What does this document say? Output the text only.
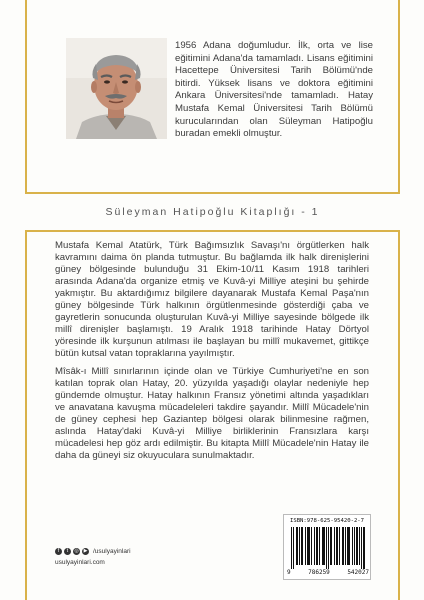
1956 Adana doğumludur. İlk, orta ve lise eğitimini Adana'da tamamladı. Lisans eğitimini Hacettepe Üniversitesi Tarih Bölümü'nde bitirdi. Yüksek lisans ve doktora eğitimini Ankara Üniversitesi'nde tamamladı. Hatay Mustafa Kemal Üniversitesi Tarih Bölümü kurucularından olan Süleyman Hatipoğlu buradan emekli olmuştur.

Süleyman Hatipoğlu Kitaplığı - 1

Mustafa Kemal Atatürk, Türk Bağımsızlık Savaşı'nı örgütlerken halk kavramını daima ön planda tutmuştur. Bu bağlamda ilk halk direnişlerini güney bölgesinde bulunduğu 31 Ekim-10/11 Kasım 1918 tarihleri arasında Adana'da organize etmiş ve Kuvâ-yi Milliye ateşini bu şehirde yakmıştır. Bu aktardığımız bilgilere dayanarak Mustafa Kemal Paşa'nın güney bölgesinde Türk halkının örgütlenmesinde gösterdiği çaba ve gayretlerin sonucunda oluşturulan Kuvâ-yi Milliye sayesinde bölgede ilk millî direnişler başlamıştı. 19 Aralık 1918 tarihinde Hatay Dörtyol yöresinde ilk kurşunun atılması ile başlayan bu millî mukavemet, gittikçe bütün kutsal vatan topraklarına yayılmıştır.

Mîsâk-ı Millî sınırlarının içinde olan ve Türkiye Cumhuriyeti'ne en son katılan toprak olan Hatay, 20. yüzyılda yaşadığı olaylar nedeniyle hep gündemde olmuştur. Hatay halkının Fransız yönetimi altında yaşadıkları ve anavatana kavuşma mücadeleleri takdire şayandır. Millî Mücadele'nin de güney cephesi hep Gaziantep bölgesi olarak bilinmesine rağmen, aslında Hatay'daki Kuvâ-yi Milliye birliklerinin Fransızlara karşı mücadelesi hep göz ardı edilmiştir. Bu kitapta Millî Mücadele'nin Hatay ile daha da güneyi siz okuyuculara sunulmaktadır.

f	t	◎ ▶ /usulyayinlari
usulyayinlari.com
ISBN:978-625-95420-2-7
9	786259	542027
